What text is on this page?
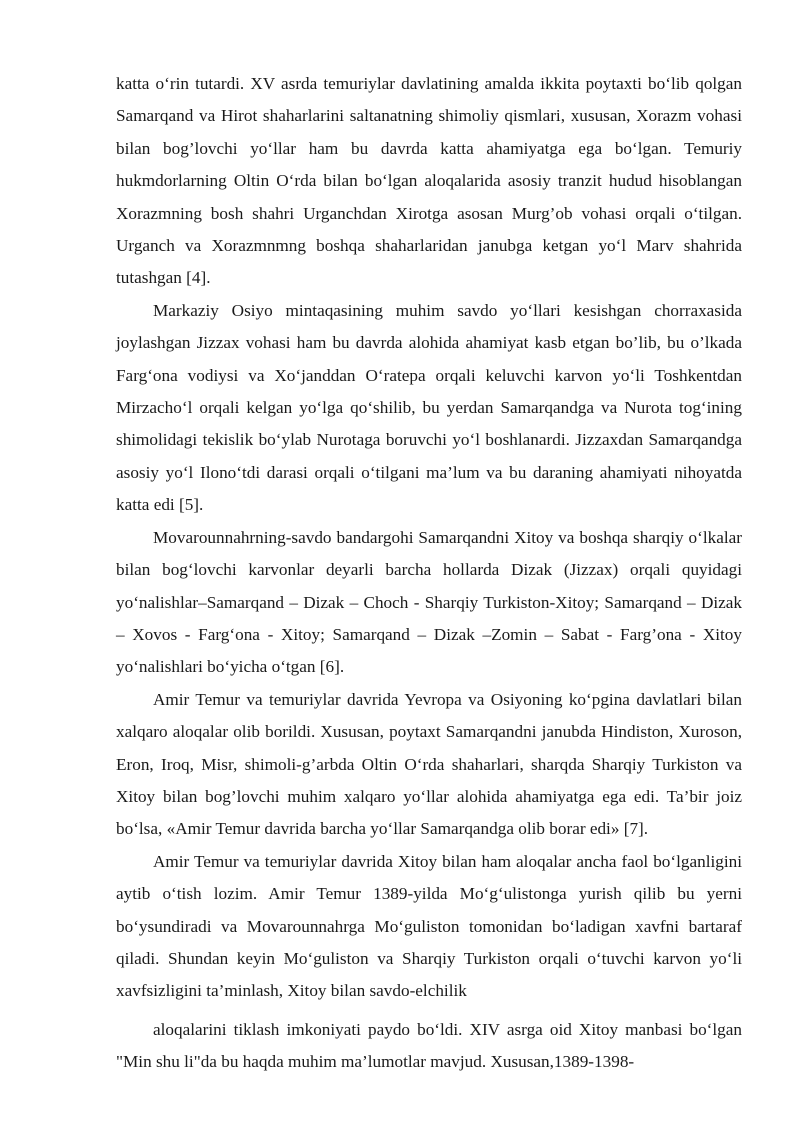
katta o‘rin tutardi. XV asrda temuriylar davlatining amalda ikkita poytaxti bo‘lib qolgan Samarqand va Hirot shaharlarini saltanatning shimoliy qismlari, xususan, Xorazm vohasi bilan bog’lovchi yo‘llar ham bu davrda katta ahamiyatga ega bo‘lgan. Temuriy hukmdorlarning Oltin O‘rda bilan bo‘lgan aloqalarida asosiy tranzit hudud hisoblangan Xorazmning bosh shahri Urganchdan Xirotga asosan Murg’ob vohasi orqali o‘tilgan. Urganch va Xorazmnmng boshqa shaharlaridan janubga ketgan yo‘l Marv shahrida tutashgan [4].

Markaziy Osiyo mintaqasining muhim savdo yo‘llari kesishgan chorraxasida joylashgan Jizzax vohasi ham bu davrda alohida ahamiyat kasb etgan bo’lib, bu o’lkada Farg‘ona vodiysi va Xo‘janddan O‘ratepa orqali keluvchi karvon yo‘li Toshkentdan Mirzacho‘l orqali kelgan yo‘lga qo‘shilib, bu yerdan Samarqandga va Nurota tog‘ining shimolidagi tekislik bo‘ylab Nurotaga boruvchi yo‘l boshlanardi. Jizzaxdan Samarqandga asosiy yo‘l Ilono‘tdi darasi orqali o‘tilgani ma’lum va bu daraning ahamiyati nihoyatda katta edi [5].

Movarounnahrning-savdo bandargohi Samarqandni Xitoy va boshqa sharqiy o‘lkalar bilan bog‘lovchi karvonlar deyarli barcha hollarda Dizak (Jizzax) orqali quyidagi yo‘nalishlar–Samarqand – Dizak – Choch - Sharqiy Turkiston-Xitoy; Samarqand – Dizak – Xovos - Farg‘ona - Xitoy; Samarqand – Dizak –Zomin – Sabat - Farg’ona - Xitoy yo‘nalishlari bo‘yicha o‘tgan [6].

Amir Temur va temuriylar davrida Yevropa va Osiyoning ko‘pgina davlatlari bilan xalqaro aloqalar olib borildi. Xususan, poytaxt Samarqandni janubda Hindiston, Xuroson, Eron, Iroq, Misr, shimoli-g’arbda Oltin O‘rda shaharlari, sharqda Sharqiy Turkiston va Xitoy bilan bog’lovchi muhim xalqaro yo‘llar alohida ahamiyatga ega edi. Ta’bir joiz bo‘lsa, «Amir Temur davrida barcha yo‘llar Samarqandga olib borar edi» [7].

Amir Temur va temuriylar davrida Xitoy bilan ham aloqalar ancha faol bo‘lganligini aytib o‘tish lozim. Amir Temur 1389-yilda Mo‘g‘ulistonga yurish qilib bu yerni bo‘ysundiradi va Movarounnahrga Mo‘guliston tomonidan bo‘ladigan xavfni bartaraf qiladi. Shundan keyin Mo‘guliston va Sharqiy Turkiston orqali o‘tuvchi karvon yo‘li xavfsizligini ta’minlash, Xitoy bilan savdo-elchilik

aloqalarini tiklash imkoniyati paydo bo‘ldi. XIV asrga oid Xitoy manbasi bo‘lgan "Min shu li"da bu haqda muhim ma’lumotlar mavjud. Xususan,1389-1398-
